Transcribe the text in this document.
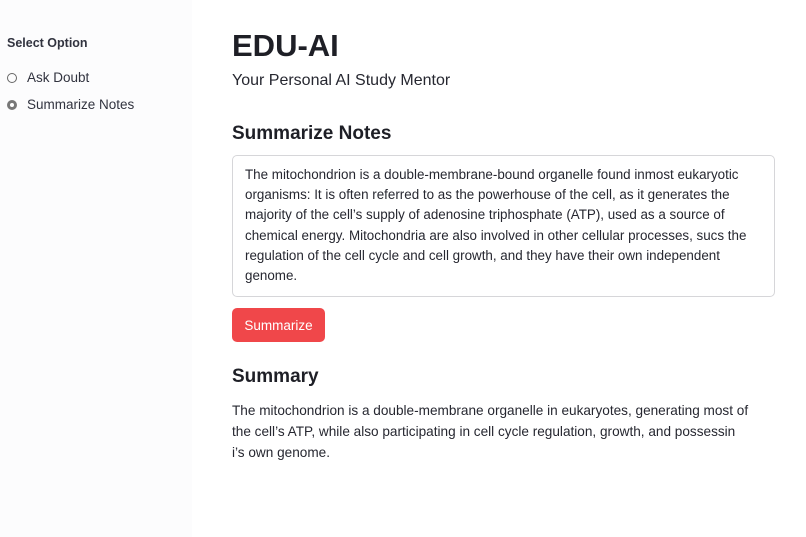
Select Option
Ask Doubt
Summarize Notes
EDU-AI
Your Personal AI Study Mentor
Summarize Notes
The mitochondrion is a double-membrane-bound organelle found inmost eukaryotic
organisms: It is often referred to as the powerhouse of the cell, as it generates the
majority of the cell’s supply of adenosine triphosphate (ATP), used as a source of
chemical energy. Mitochondria are also involved in other cellular processes, sucs the
regulation of the cell cycle and cell growth, and they have their own independent
genome.
Summarize
Summary
The mitochondrion is a double-membrane organelle in eukaryotes, generating most of
the cell’s ATP, while also participating in cell cycle regulation, growth, and possessin
i’s own genome.
